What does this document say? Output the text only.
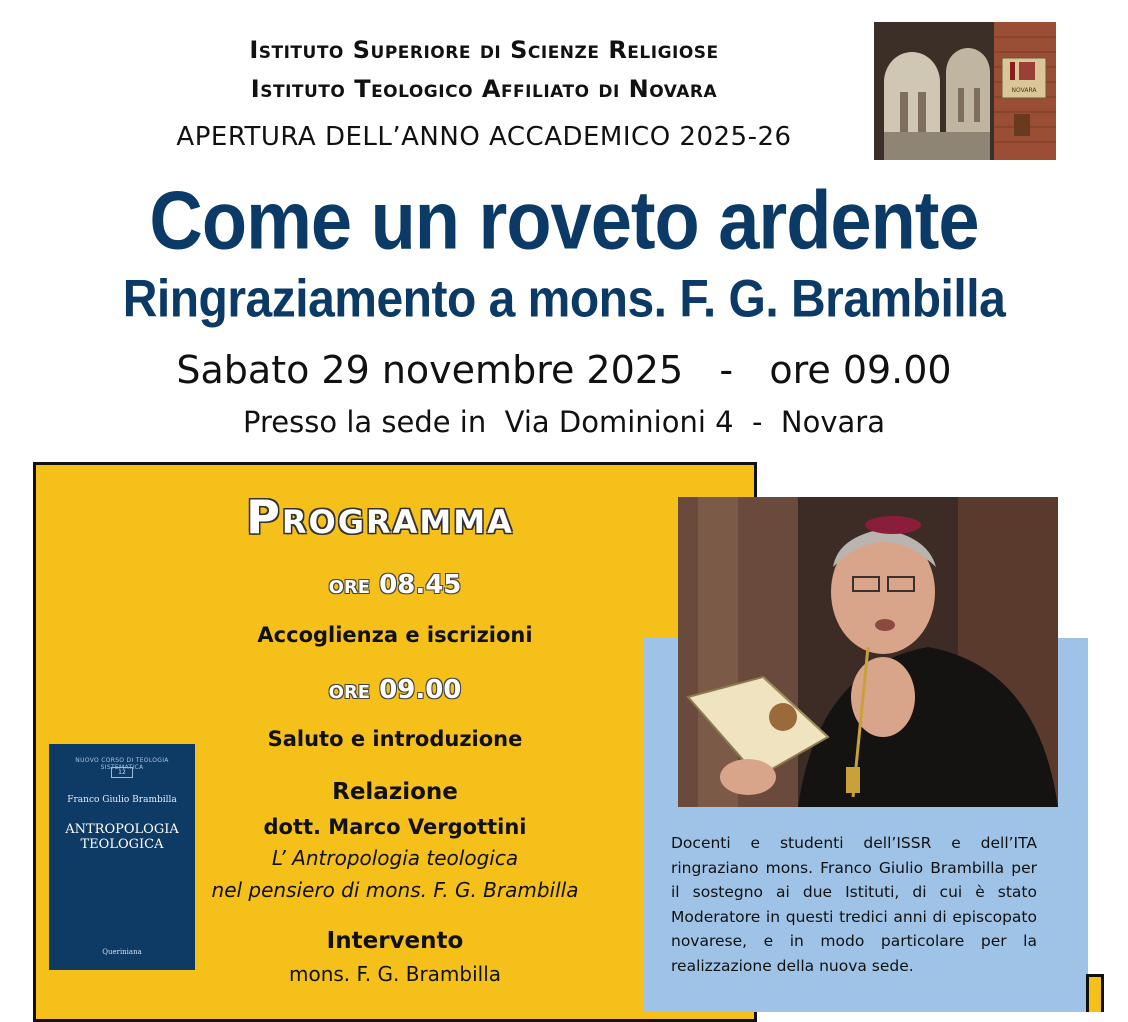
Istituto Superiore di Scienze Religiose
Istituto Teologico Affiliato di Novara
APERTURA DELL’ANNO ACCADEMICO 2025-26
NOVARA
Come un roveto ardente
Ringraziamento a mons. F. G. Brambilla
Sabato 29 novembre 2025   -   ore 09.00
Presso la sede in  Via Dominioni 4  -  Novara
Programma
ore 08.45
Accoglienza e iscrizioni
ore 09.00
Saluto e introduzione
Relazione
dott. Marco Vergottini
L’ Antropologia teologica
nel pensiero di mons. F. G. Brambilla
Intervento
mons. F. G. Brambilla
NUOVO CORSO DI TEOLOGIA SISTEMATICA
12
Franco Giulio Brambilla
ANTROPOLOGIA
TEOLOGICA
Queriniana
Docenti e studenti dell’ISSR e dell’ITA ringraziano mons. Franco Giulio Brambilla per il sostegno ai due Istituti, di cui è stato Moderatore in questi tredici anni di episcopato novarese, e in modo particolare per la realizzazione della nuova sede.
